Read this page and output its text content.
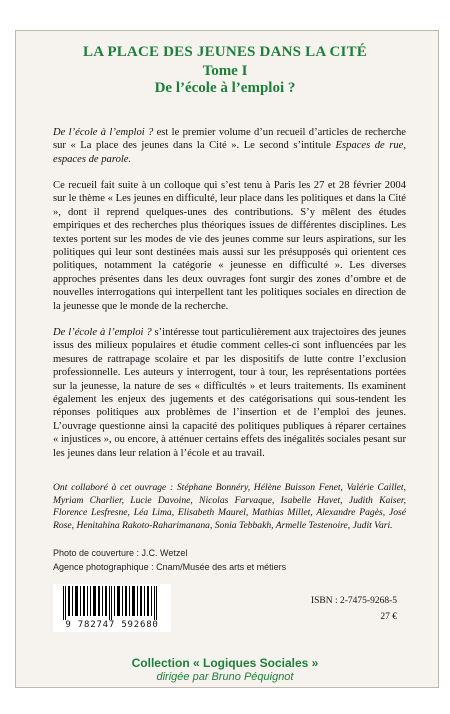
LA PLACE DES JEUNES DANS LA CITÉ
Tome I
De l’école à l’emploi ?
De l’école à l’emploi ? est le premier volume d’un recueil d’articles de recherche sur « La place des jeunes dans la Cité ». Le second s’intitule Espaces de rue, espaces de parole.
Ce recueil fait suite à un colloque qui s’est tenu à Paris les 27 et 28 février 2004 sur le thème « Les jeunes en difficulté, leur place dans les politiques et dans la Cité », dont il reprend quelques-unes des contributions. S’y mêlent des études empiriques et des recherches plus théoriques issues de différentes disciplines. Les textes portent sur les modes de vie des jeunes comme sur leurs aspirations, sur les politiques qui leur sont destinées mais aussi sur les présupposés qui orientent ces politiques, notamment la catégorie « jeunesse en difficulté ». Les diverses approches présentes dans les deux ouvrages font surgir des zones d’ombre et de nouvelles interrogations qui interpellent tant les politiques sociales en direction de la jeunesse que le monde de la recherche.
De l’école à l’emploi ? s’intéresse tout particulièrement aux trajectoires des jeunes issus des milieux populaires et étudie comment celles-ci sont influencées par les mesures de rattrapage scolaire et par les dispositifs de lutte contre l’exclusion professionnelle. Les auteurs y interrogent, tour à tour, les représentations portées sur la jeunesse, la nature de ses « difficultés » et leurs traitements. Ils examinent également les enjeux des jugements et des catégorisations qui sous-tendent les réponses politiques aux problèmes de l’insertion et de l’emploi des jeunes. L’ouvrage questionne ainsi la capacité des politiques publiques à réparer certaines « injustices », ou encore, à atténuer certains effets des inégalités sociales pesant sur les jeunes dans leur relation à l’école et au travail.
Ont collaboré à cet ouvrage : Stéphane Bonnéry, Hélène Buisson Fenet, Valérie Caillet, Myriam Charlier, Lucie Davoine, Nicolas Farvaque, Isabelle Havet, Judith Kaiser, Florence Lesfresne, Léa Lima, Elisabeth Maurel, Mathias Millet, Alexandre Pagès, José Rose, Henitahina Rakoto-Raharimanana, Sonia Tebbakh, Armelle Testenoire, Judit Vari.
Photo de couverture : J.C. Wetzel
Agence photographique : Cnam/Musée des arts et métiers
9 782747 592680
ISBN : 2-7475-9268-5
27 €
Collection « Logiques Sociales »
dirigée par Bruno Péquignot
